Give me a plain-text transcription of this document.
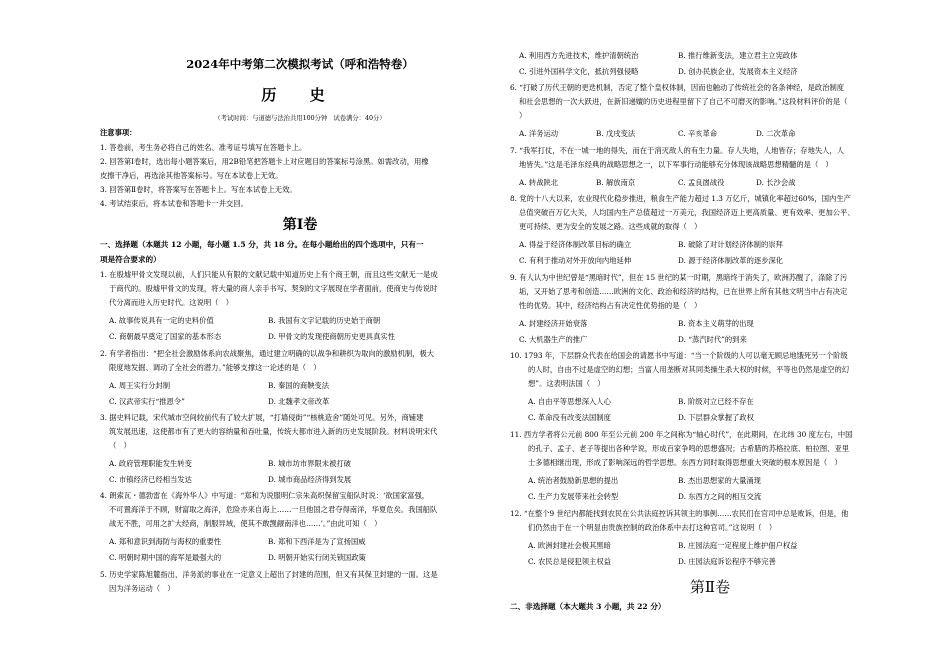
2024年中考第二次模拟考试（呼和浩特卷）
历 史
（考试时间：与道德与法治共用100分钟　试卷满分：40分）
注意事项：
1. 答卷前，考生务必将自己的姓名、准考证号填写在答题卡上。
2. 回答第Ⅰ卷时，选出每小题答案后，用2B铅笔把答题卡上对应题目的答案标号涂黑。如需改动，用橡
皮擦干净后，再选涂其他答案标号。写在本试卷上无效。
3. 回答第Ⅱ卷时，将答案写在答题卡上。写在本试卷上无效。
4. 考试结束后，将本试卷和答题卡一并交回。
第Ⅰ卷
一、选择题（本题共 12 小题，每小题 1.5 分，共 18 分。在每小题给出的四个选项中，只有一
项是符合要求的）
1. 在殷墟甲骨文发现以前，人们只能从有限的文献记载中知道历史上有个商王朝，而且这些文献无一是成
于商代的。殷墟甲骨文的发现，将大量的商人亲手书写、契刻的文字展现在学者面前，使商史与传说时
代分离而进入历史时代。这说明（　）
A. 故事传说具有一定的史料价值	B. 我国有文字记载的历史始于商朝
C. 商朝最早奠定了国家的基本形态	D. 甲骨文的发现使商朝历史更具真实性
2. 有学者指出：“把全社会激励体系向农战聚焦，通过建立明确的以战争和耕织为取向的激励机制，极大
限度地发掘、调动了全社会的潜力。”能够支撑这一论述的是（　）
A. 周王实行分封制	B. 秦国的商鞅变法
C. 汉武帝实行“推恩令”	D. 北魏孝文帝改革
3. 据史料记载，宋代城市空间较前代有了较大扩展，“打墙侵街”“核桃造舍”随处可见。另外，商铺建
筑发展迅速，这使都市有了更大的容纳量和吞吐量，传统大都市进入新的历史发展阶段。材料说明宋代
（　）
A. 政府管理职能发生转变	B. 城市坊市界限未被打破
C. 市镇经济已经相当发达	D. 城市商品经济得到发展
4. 朗索瓦・德勃雷在《海外华人》中写道：“郑和为说服明仁宗朱高炽保留宝船队时说：‘欲国家富强，
不可置海洋于不顾，财富取之海洋，危险亦来自海上……一旦他国之君夺得南洋，华夏危矣。我国船队
战无不胜，可用之扩大经商，制服异域，使其不敢觊觎南洋也……’。”由此可知（　）
A. 郑和意识到海防与海权的重要性	B. 郑和下西洋是为了宣扬国威
C. 明朝时期中国的海军是最强大的	D. 明朝开始实行闭关锁国政策
5. 历史学家陈旭麓指出，洋务派的事业在一定意义上超出了封建的范围，但又有其保卫封建的一面。这是
因为洋务运动（　）
A. 利用西方先进技术，维护清朝统治	B. 推行维新变法，建立君主立宪政体
C. 引进外国科学文化，抵抗列强侵略	D. 创办民族企业，发展资本主义经济
6. “打破了历代王朝的更迭机制，否定了整个皇权体制，因而也触动了传统社会的各条神经，是政治制度
和社会思想的一次大跃进，在新旧递嬗的历史进程里留下了自己不可磨灭的影响。”这段材料评价的是（
）
A. 洋务运动	B. 戊戌变法	C. 辛亥革命	D. 二次革命
7. “我军打仗，不在一城一地的得失，而在于消灭敌人的有生力量。存人失地，人地皆存；存地失人，人
地皆失。”这是毛泽东经典的战略思想之一，以下军事行动能够充分体现该战略思想精髓的是（　）
A. 转战陕北	B. 解放南京	C. 孟良崮战役	D. 长沙会战
8. 党的十八大以来，农业现代化稳步推进，粮食生产能力超过 1.3 万亿斤，城镇化率超过60%，国内生产
总值突破百万亿大关，人均国内生产总值超过一万美元，我国经济迈上更高质量、更有效率、更加公平、
更可持续、更为安全的发展之路。这些成就的取得（　）
A. 得益于经济体制改革目标的确立	B. 破除了对计划经济体制的崇拜
C. 有利于推动对外开放向内地延伸	D. 源于经济体制改革的逐步深化
9. 有人认为中世纪曾是“黑暗时代”，但在 15 世纪的某一时期，黑暗终于消失了，欧洲苏醒了，涤除了污
垢，又开始了思考和创造……欧洲的文化、政治和经济的结构，已在世界上所有其他文明当中占有决定
性的优势。其中，经济结构占有决定性优势指的是（　）
A. 封建经济开始衰落	B. 资本主义萌芽的出现
C. 大机器生产的推广	D. “蒸汽时代”的到来
10. 1793 年，下层群众代表在给国会的请愿书中写道：“当一个阶级的人可以毫无顾忌地饿死另一个阶级
的人时，自由不过是虚空的幻想；当富人用垄断对其同类操生杀大权的时候，平等也仍然是虚空的幻
想”。这表明法国（　）
A. 自由平等思想深入人心	B. 阶级对立已经不存在
C. 革命没有改变法国制度	D. 下层群众掌握了政权
11. 西方学者将公元前 800 年至公元前 200 年之间称为“轴心时代”，在此期间，在北纬 30 度左右，中国
的孔子、孟子、老子等提出各种学说，形成百家争鸣的思想盛况；古希腊的苏格拉底、柏拉图、亚里
士多德相继出现，形成了影响深远的哲学思想。东西方同时取得思想重大突破的根本原因是（　）
A. 统治者鼓励新思想的提出	B. 杰出思想家的大量涌现
C. 生产力发展带来社会转型	D. 东西方之间的相互交流
12. “在整个9 世纪内都能找到农民在公共法庭控诉其领主的事例……农民们在官司中总是败诉，但是，他
们仍然由于在一个明显由贵族控制的政治体系中去打这种官司。”这说明（　）
A. 欧洲封建社会极其黑暗	B. 庄园法庭一定程度上维护佃户权益
C. 农民总是侵犯领主权益	D. 庄园法庭诉讼程序不够完善
第Ⅱ卷
二、非选择题（本大题共 3 小题，共 22 分）
